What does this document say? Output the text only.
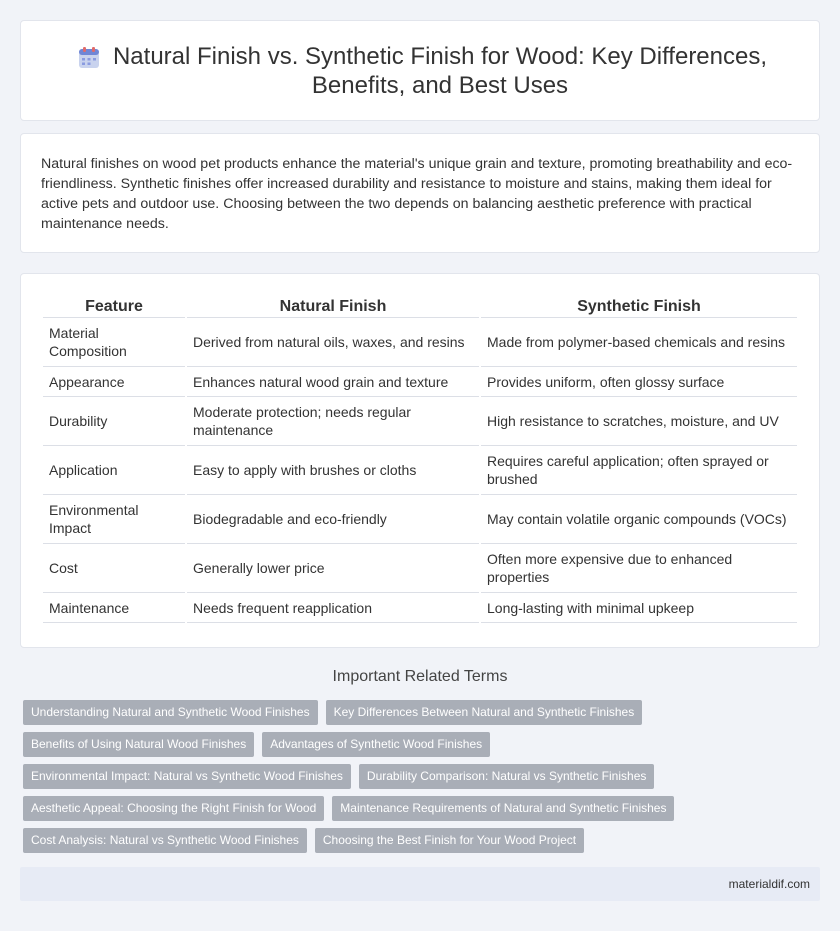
Natural Finish vs. Synthetic Finish for Wood: Key Differences, Benefits, and Best Uses

Natural finishes on wood pet products enhance the material's unique grain and texture, promoting breathability and eco-friendliness. Synthetic finishes offer increased durability and resistance to moisture and stains, making them ideal for active pets and outdoor use. Choosing between the two depends on balancing aesthetic preference with practical maintenance needs.

Feature	Natural Finish	Synthetic Finish
Material Composition	Derived from natural oils, waxes, and resins	Made from polymer-based chemicals and resins
Appearance	Enhances natural wood grain and texture	Provides uniform, often glossy surface
Durability	Moderate protection; needs regular maintenance	High resistance to scratches, moisture, and UV
Application	Easy to apply with brushes or cloths	Requires careful application; often sprayed or brushed
Environmental Impact	Biodegradable and eco-friendly	May contain volatile organic compounds (VOCs)
Cost	Generally lower price	Often more expensive due to enhanced properties
Maintenance	Needs frequent reapplication	Long-lasting with minimal upkeep
Important Related Terms
Understanding Natural and Synthetic Wood Finishes	Key Differences Between Natural and Synthetic Finishes
Benefits of Using Natural Wood Finishes	Advantages of Synthetic Wood Finishes
Environmental Impact: Natural vs Synthetic Wood Finishes	Durability Comparison: Natural vs Synthetic Finishes
Aesthetic Appeal: Choosing the Right Finish for Wood	Maintenance Requirements of Natural and Synthetic Finishes
Cost Analysis: Natural vs Synthetic Wood Finishes	Choosing the Best Finish for Your Wood Project
materialdif.com
